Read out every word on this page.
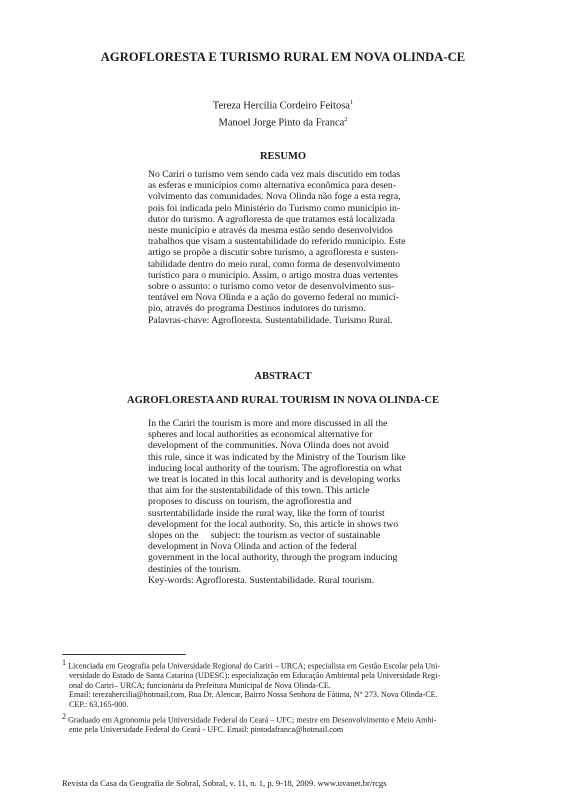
AGROFLORESTA E TURISMO RURAL EM NOVA OLINDA-CE
Tereza Hercília Cordeiro Feitosa$^1$
Manoel Jorge Pinto da Franca$^2$
RESUMO

No Cariri o turismo vem sendo cada vez mais discutido em todas

as esferas e municípios como alternativa econômica para desen-

volvimento das comunidades. Nova Olinda não foge a esta regra,

pois foi indicada pelo Ministério do Turismo como município in-

dutor do turismo. A agrofloresta de que tratamos está localizada

neste município e através da mesma estão sendo desenvolvidos

trabalhos que visam a sustentabilidade do referido município. Este

artigo se propõe a discutir sobre turismo, a agrofloresta e susten-

tabilidade dentro do meio rural, como forma de desenvolvimento

turístico para o município. Assim, o artigo mostra duas vertentes

sobre o assunto: o turismo como vetor de desenvolvimento sus-

tentável em Nova Olinda e a ação do governo federal no municí-

pio, através do programa Destinos indutores do turismo.

Palavras-chave: Agrofloresta. Sustentabilidade. Turismo Rural.

ABSTRACT
AGROFLORESTA AND RURAL TOURISM IN NOVA OLINDA-CE

In the Cariri the tourism is more and more discussed in all the

spheres and local authorities as economical alternative for

development of the communities. Nova Olinda does not avoid

this rule, since it was indicated by the Ministry of the Tourism like

inducing local authority of the tourism. The agroflorestia on what

we treat is located in this local authority and is developing works

that aim for the sustentabilidade of this town. This article

proposes to discuss on tourism, the agroflorestia and

susrtentabilidade inside the rural way, like the form of tourist

development for the local authority. So, this article in shows two

slopes on the     subject: the tourism as vector of sustainable

development in Nova Olinda and action of the federal

government in the local authority, through the program inducing

destinies of the tourism.

Key-words: Agrofloresta. Sustentabilidade. Rural tourism.

$^1$ Licenciada em Geografia pela Universidade Regional do Cariri – URCA; especialista em Gestão Escolar pela Uni-
versidade do Estado de Santa Catarina (UDESC); especialização em Educação Ambiental pela Universidade Regi-
onal do Cariri– URCA; funcionária da Prefeitura Municipal de Nova Olinda-CE.
Email: terezahercilia@hotmail.com, Rua Dr. Alencar, Bairro Nossa Senhora de Fátima, N° 273. Nova Olinda-CE.
CEP.: 63.165-000.
$^2$ Graduado em Agronomia pela Universidade Federal do Ceará – UFC; mestre em Desenvolvimento e Meio Ambi-
ente pela Universidade Federal do Ceará - UFC. Email: pintodafranca@hotmail.com
Revista da Casa da Geografia de Sobral, Sobral, v. 11, n. 1, p. 9-18, 2009. www.uvanet.br/rcgs
